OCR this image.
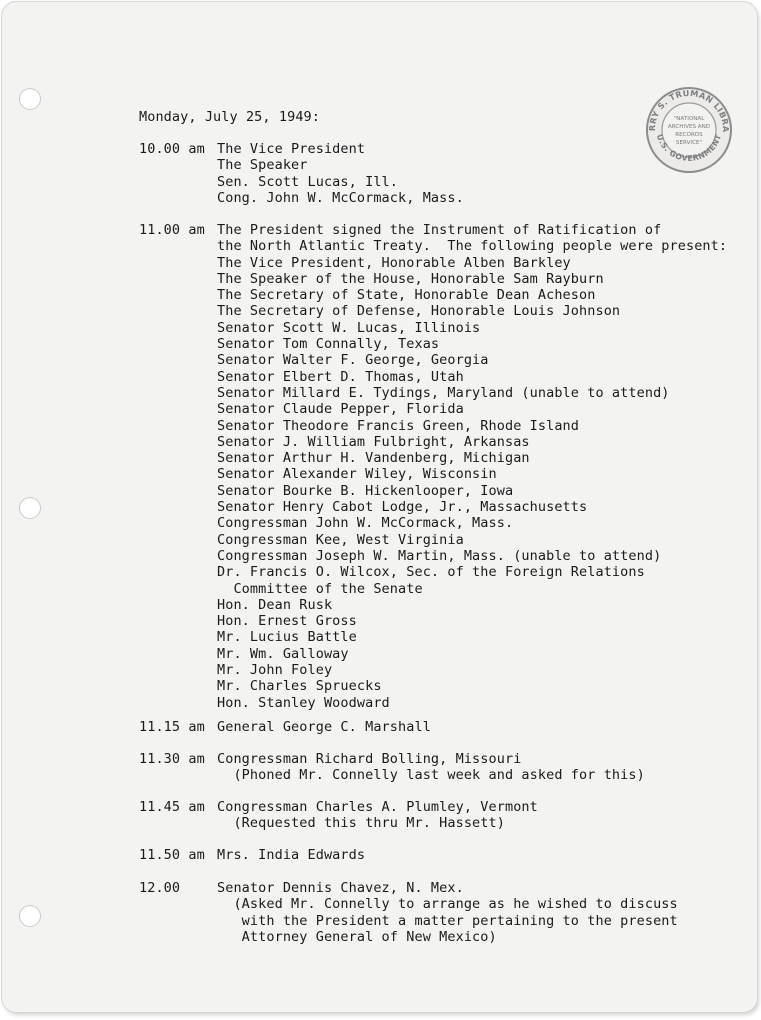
RRY S. TRUMAN LIBRA
U.S. GOVERNMENT
"NATIONAL
ARCHIVES AND
RECORDS
SERVICE"
Monday, July 25, 1949:
10.00 am The Vice President
The Speaker
Sen. Scott Lucas, Ill.
Cong. John W. McCormack, Mass.
11.00 am The President signed the Instrument of Ratification of
the North Atlantic Treaty.  The following people were present:
The Vice President, Honorable Alben Barkley
The Speaker of the House, Honorable Sam Rayburn
The Secretary of State, Honorable Dean Acheson
The Secretary of Defense, Honorable Louis Johnson
Senator Scott W. Lucas, Illinois
Senator Tom Connally, Texas
Senator Walter F. George, Georgia
Senator Elbert D. Thomas, Utah
Senator Millard E. Tydings, Maryland (unable to attend)
Senator Claude Pepper, Florida
Senator Theodore Francis Green, Rhode Island
Senator J. William Fulbright, Arkansas
Senator Arthur H. Vandenberg, Michigan
Senator Alexander Wiley, Wisconsin
Senator Bourke B. Hickenlooper, Iowa
Senator Henry Cabot Lodge, Jr., Massachusetts
Congressman John W. McCormack, Mass.
Congressman Kee, West Virginia
Congressman Joseph W. Martin, Mass. (unable to attend)
Dr. Francis O. Wilcox, Sec. of the Foreign Relations
Committee of the Senate
Hon. Dean Rusk
Hon. Ernest Gross
Mr. Lucius Battle
Mr. Wm. Galloway
Mr. John Foley
Mr. Charles Spruecks
Hon. Stanley Woodward
11.15 am General George C. Marshall
11.30 am Congressman Richard Bolling, Missouri
(Phoned Mr. Connelly last week and asked for this)
11.45 am Congressman Charles A. Plumley, Vermont
(Requested this thru Mr. Hassett)
11.50 am Mrs. India Edwards
12.00	Senator Dennis Chavez, N. Mex.
(Asked Mr. Connelly to arrange as he wished to discuss
with the President a matter pertaining to the present
Attorney General of New Mexico)
